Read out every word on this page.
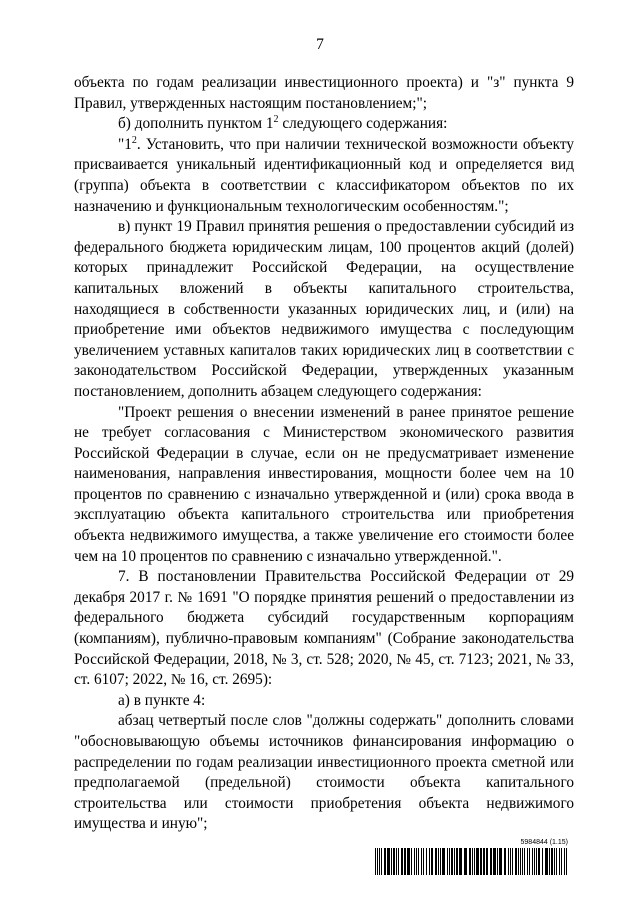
7

объекта по годам реализации инвестиционного проекта) и "з" пункта 9 Правил, утвержденных настоящим постановлением;";

б) дополнить пунктом $1^2$ следующего содержания:

"$1^2$. Установить, что при наличии технической возможности объекту присваивается уникальный идентификационный код и определяется вид (группа) объекта в соответствии с классификатором объектов по их назначению и функциональным технологическим особенностям.";

в) пункт 19 Правил принятия решения о предоставлении субсидий из федерального бюджета юридическим лицам, 100 процентов акций (долей) которых принадлежит Российской Федерации, на осуществление капитальных вложений в объекты капитального строительства, находящиеся в собственности указанных юридических лиц, и (или) на приобретение ими объектов недвижимого имущества с последующим увеличением уставных капиталов таких юридических лиц в соответствии с законодательством Российской Федерации, утвержденных указанным постановлением, дополнить абзацем следующего содержания:

"Проект решения о внесении изменений в ранее принятое решение не требует согласования с Министерством экономического развития Российской Федерации в случае, если он не предусматривает изменение наименования, направления инвестирования, мощности более чем на 10 процентов по сравнению с изначально утвержденной и (или) срока ввода в эксплуатацию объекта капитального строительства или приобретения объекта недвижимого имущества, а также увеличение его стоимости более чем на 10 процентов по сравнению с изначально утвержденной.".

7. В постановлении Правительства Российской Федерации от 29 декабря 2017 г. № 1691 "О порядке принятия решений о предоставлении из федерального бюджета субсидий государственным корпорациям (компаниям), публично-правовым компаниям" (Собрание законодательства Российской Федерации, 2018, № 3, ст. 528; 2020, № 45, ст. 7123; 2021, № 33, ст. 6107; 2022, № 16, ст. 2695):

а) в пункте 4:

абзац четвертый после слов "должны содержать" дополнить словами "обосновывающую объемы источников финансирования информацию о распределении по годам реализации инвестиционного проекта сметной или предполагаемой (предельной) стоимости объекта капитального строительства или стоимости приобретения объекта недвижимого имущества и иную";

5984844 (1.15)
